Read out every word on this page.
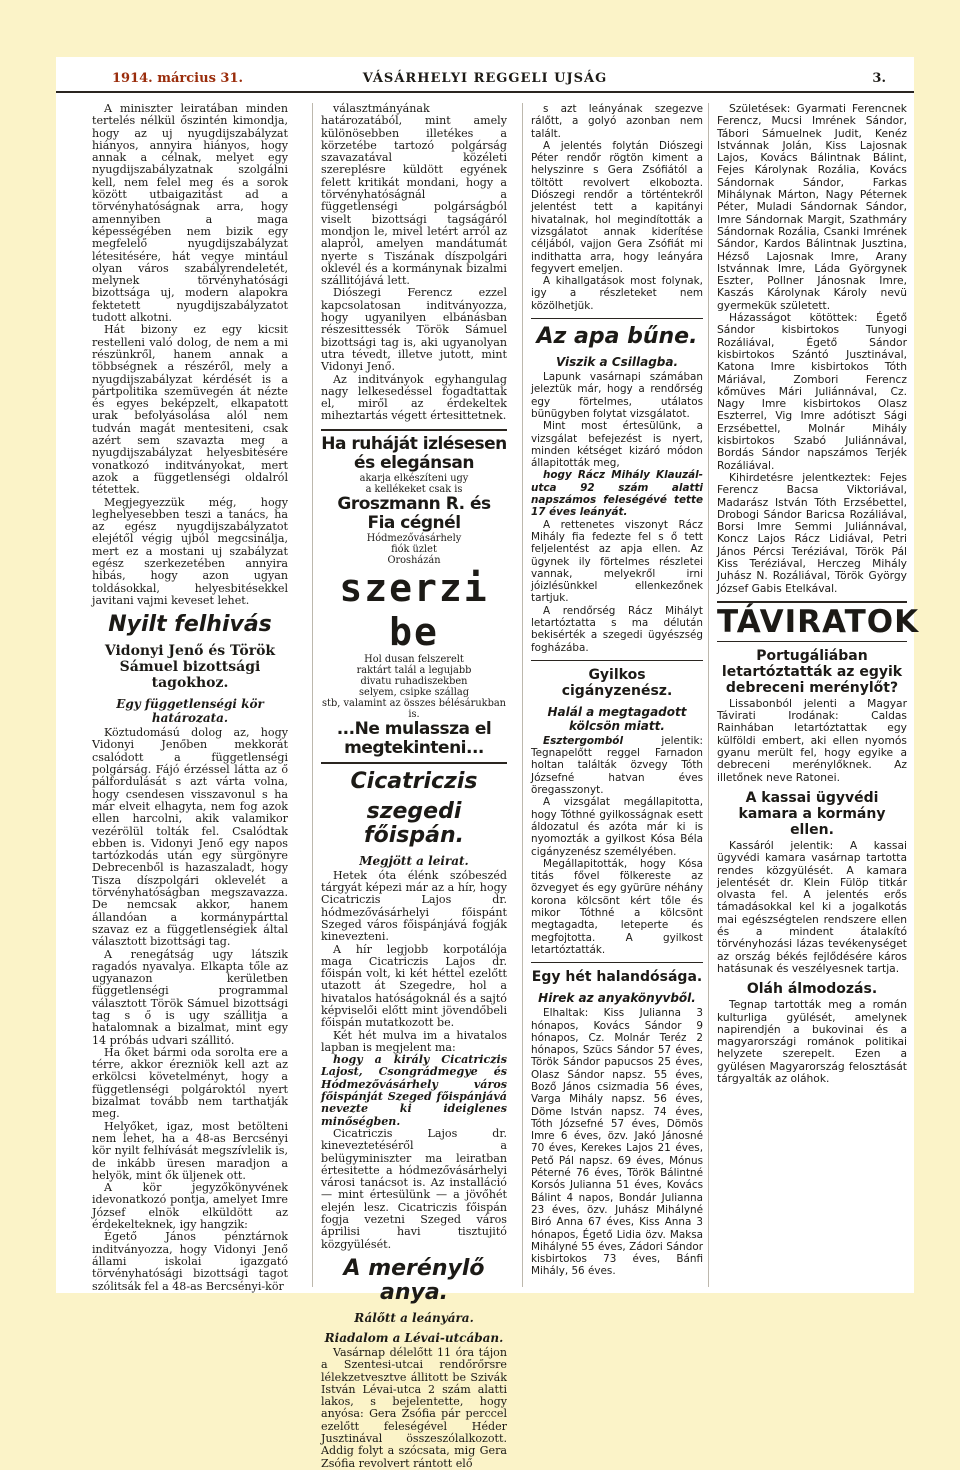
1914. március 31.	VÁSÁRHELYI REGGELI UJSÁG	3.

A miniszter leiratában minden tertelés nélkül őszintén kimondja, hogy az uj nyugdijszabályzat hiányos, annyira hiányos, hogy annak a célnak, melyet egy nyugdijszabályzatnak szolgálni kell, nem felel meg és a sorok között utbaigazitást ad a törvényhatóságnak arra, hogy amennyiben a maga képességében nem bizik egy megfelelő nyugdijszabályzat létesitésére, hát vegye mintául olyan város szabályrendeletét, melynek törvényhatósági bizottsága uj, modern alapokra fektetett nyugdijszabályzatot tudott alkotni.

Hát bizony ez egy kicsit restelleni való dolog, de nem a mi részünkről, hanem annak a többségnek a részéről, mely a nyugdijszabályzat kérdését is a pártpolitika szemüvegén át nézte és egyes beképzelt, elkapatott urak befolyásolása alól nem tudván magát mentesiteni, csak azért sem szavazta meg a nyugdijszabályzat helyesbitésére vonatkozó inditványokat, mert azok a függetlenségi oldalról tétettek.

Megjegyezzük még, hogy leghelyesebben teszi a tanács, ha az egész nyugdijszabályzatot elejétől végig ujból megcsinálja, mert ez a mostani uj szabályzat egész szerkezetében annyira hibás, hogy azon ugyan toldásokkal, helyesbitésekkel javitani vajmi keveset lehet.

Nyilt felhivás
Vidonyi Jenő és Török Sámuel bizottsági tagokhoz.
Egy függetlenségi kör határozata.

Köztudomású dolog az, hogy Vidonyi Jenőben mekkorát csalódott a függetlenségi polgárság. Fájó érzéssel látta az ő pálfordulását s azt várta volna, hogy csendesen visszavonul s ha már elveit elhagyta, nem fog azok ellen harcolni, akik valamikor vezérölül tolták fel. Csalódtak ebben is. Vidonyi Jenő egy napos tartózkodás után egy sürgönyre Debrecenből is hazaszaladt, hogy Tisza díszpolgári oklevelét a törvényhatóságban megszavazza. De nemcsak akkor, hanem állandóan a kormánypárttal szavaz ez a függetlenségiek által választott bizottsági tag.

A renegátság ugy látszik ragadós nyavalya. Elkapta tőle az ugyanazon kerületben függetlenségi programmal választott Török Sámuel bizottsági tag s ő is ugy szállitja a hatalomnak a bizalmat, mint egy 14 próbás udvari szállitó.

Ha őket bármi oda sorolta ere a térre, akkor érezniök kell azt az erkölcsi követelményt, hogy a függetlenségi polgároktól nyert bizalmat tovább nem tarthatják meg.

Helyőket, igaz, most betölteni nem lehet, ha a 48-as Bercsényi kör nyilt felhívását megszívlelik is, de inkább üresen maradjon a helyök, mint ők üljenek ott.

A kör jegyzőkönyvének idevonatkozó pontja, amelyet Imre József elnök elküldött az érdekelteknek, igy hangzik:

Égető János pénztárnok inditványozza, hogy Vidonyi Jenő állami iskolai igazgató törvényhatósági bizottsági tagot szólitsák fel a 48-as Bercsényi-kör

választmányának határozatából, mint amely különösebben illetékes a körzetébe tartozó polgárság szavazatával közéleti szereplésre küldött egyének felett kritikát mondani, hogy a törvényhatóságnál a függetlenségi polgárságból viselt bizottsági tagságáról mondjon le, mivel letért arról az alapról, amelyen mandátumát nyerte s Tiszának díszpolgári oklevél és a kormánynak bizalmi szállitójává lett.

Diószegi Ferencz ezzel kapcsolatosan inditványozza, hogy ugyanilyen elbánásban részesittessék Török Sámuel bizottsági tag is, aki ugyanolyan utra tévedt, illetve jutott, mint Vidonyi Jenő.

Az inditványok egyhangulag nagy lelkesedéssel fogadtattak el, miről az érdekeltek miheztartás végett értesittetnek.

Ha ruháját izlésesen és elegánsan
akarja elkészíteni ugy
a kellékeket csak is
Groszmann R. és Fia cégnél
Hódmezővásárhely
fiók üzlet
Orosházán
szerzi be
Hol dusan felszerelt
raktárt talál a legujabb
divatu ruhadiszekben
selyem, csipke szállag
stb, valamint az összes bélésárukban is.
...Ne mulassza el megtekinteni...
Cicatriczis
szegedi főispán.
Megjött a leirat.

Hetek óta élénk szóbeszéd tárgyát képezi már az a hír, hogy Cicatriczis Lajos dr. hódmezővásárhelyi főispánt Szeged város főispánjává fogják kinevezteni.

A hír legjobb korpotálója maga Cicatriczis Lajos dr. főispán volt, ki két héttel ezelőtt utazott át Szegedre, hol a hivatalos hatóságoknál és a sajtó képviselői előtt mint jövendőbeli főispán mutatkozott be.

Két hét mulva im a hivatalos lapban is megjelent ma:

hogy a király Cicatriczis Lajost, Csongrádmegye és Hódmezővásárhely város főispánját Szeged főispánjává nevezte ki ideiglenes minőségben.

Cicatriczis Lajos dr. kineveztetéséről a belügyminiszter ma leiratban értesitette a hódmezővásárhelyi városi tanácsot is. Az installáció — mint értesülünk — a jövőhét elején lesz. Cicatriczis főispán fogja vezetni Szeged város áprilisi havi tisztujitó közgyülését.

A merénylő anya.
Rálőtt a leányára.
Riadalom a Lévai-utcában.

Vasárnap délelőtt 11 óra tájon a Szentesi-utcai rendőrőrsre lélekzetvesztve állitott be Szivák István Lévai-utca 2 szám alatti lakos, s bejelentette, hogy anyósa: Gera Zsófia pár perccel ezelőtt feleségével Héder Jusztinával összeszólalkozott. Addig folyt a szócsata, mig Gera Zsófia revolvert rántott elő

s azt leányának szegezve rálőtt, a golyó azonban nem talált.

A jelentés folytán Diószegi Péter rendőr rögtön kiment a helyszinre s Gera Zsófiától a töltött revolvert elkobozta. Diószegi rendőr a történtekről jelentést tett a kapitányi hivatalnak, hol megindították a vizsgálatot annak kiderítése céljából, vajjon Gera Zsófiát mi indithatta arra, hogy leányára fegyvert emeljen.

A kihallgatások most folynak, igy a részleteket nem közölhetjük.

Az apa bűne.
Viszik a Csillagba.

Lapunk vasárnapi számában jeleztük már, hogy a rendőrség egy förtelmes, utálatos bünügyben folytat vizsgálatot.

Mint most értesülünk, a vizsgálat befejezést is nyert, minden kétséget kizáró módon állapitották meg,

hogy Rácz Mihály Klauzál-utca 92 szám alatti napszámos feleségévé tette 17 éves leányát.

A rettenetes viszonyt Rácz Mihály fia fedezte fel s ő tett feljelentést az apja ellen. Az ügynek ily förtelmes részletei vannak, melyekről irni jóizlésünkkel ellenkezőnek tartjuk.

A rendőrség Rácz Mihályt letartóztatta s ma délután bekisérték a szegedi ügyészség fogházába.

Gyilkos cigányzenész.
Halál a megtagadott kölcsön miatt.

Esztergomból jelentik: Tegnapelőtt reggel Farnadon holtan találták özvegy Tóth Józsefné hatvan éves öregasszonyt.

A vizsgálat megállapitotta, hogy Tóthné gyilkosságnak esett áldozatul és azóta már ki is nyomozták a gyilkost Kósa Béla cigányzenész személyében.

Megállapitották, hogy Kósa titás fővel fölkereste az özvegyet és egy gyürüre néhány korona kölcsönt kért tőle és mikor Tóthné a kölcsönt megtagadta, leteperte és megfojtotta. A gyilkost letartóztatták.

Egy hét halandósága.
Hirek az anyakönyvből.

Elhaltak: Kiss Julianna 3 hónapos, Kovács Sándor 9 hónapos, Cz. Molnár Teréz 2 hónapos, Szücs Sándor 57 éves, Török Sándor papucsos 25 éves, Olasz Sándor napsz. 55 éves, Boző János csizmadia 56 éves, Varga Mihály napsz. 56 éves, Döme István napsz. 74 éves, Tóth Józsefné 57 éves, Dömös Imre 6 éves, özv. Jakó Jánosné 70 éves, Kerekes Lajos 21 éves, Pető Pál napsz. 69 éves, Mónus Péterné 76 éves, Török Bálintné Korsós Julianna 51 éves, Kovács Bálint 4 napos, Bondár Julianna 23 éves, özv. Juhász Mihályné Biró Anna 67 éves, Kiss Anna 3 hónapos, Égető Lidia özv. Maksa Mihályné 55 éves, Zádori Sándor kisbirtokos 73 éves, Bánfi Mihály, 56 éves.

Születések: Gyarmati Ferencnek Ferencz, Mucsi Imrének Sándor, Tábori Sámuelnek Judit, Kenéz Istvánnak Jolán, Kiss Lajosnak Lajos, Kovács Bálintnak Bálint, Fejes Károlynak Rozália, Kovács Sándornak Sándor, Farkas Mihálynak Márton, Nagy Péternek Péter, Muladi Sándornak Sándor, Imre Sándornak Margit, Szathmáry Sándornak Rozália, Csanki Imrének Sándor, Kardos Bálintnak Jusztina, Hézső Lajosnak Imre, Arany Istvánnak Imre, Láda Györgynek Eszter, Pollner Jánosnak Imre, Kaszás Károlynak Károly nevü gyermekük született.

Házasságot kötöttek: Égető Sándor kisbirtokos Tunyogi Rozáliával, Égető Sándor kisbirtokos Szántó Jusztinával, Katona Imre kisbirtokos Tóth Máriával, Zombori Ferencz kőmüves Mári Juliánnával, Cz. Nagy Imre kisbirtokos Olasz Eszterrel, Vig Imre adótiszt Sági Erzsébettel, Molnár Mihály kisbirtokos Szabó Juliánnával, Bordás Sándor napszámos Terjék Rozáliával.

Kihirdetésre jelentkeztek: Fejes Ferencz Bacsa Viktoriával, Madarász István Tóth Erzsébettel, Drobogi Sándor Baricsa Rozáliával, Borsi Imre Semmi Juliánnával, Koncz Lajos Rácz Lidiával, Petri János Pércsi Teréziával, Török Pál Kiss Teréziával, Herczeg Mihály Juhász N. Rozáliával, Török György József Gabis Etelkával.

TÁVIRATOK
Portugáliában letartóztatták az egyik debreceni merénylőt?

Lissabonból jelenti a Magyar Távirati Irodának: Caldas Rainhában letartóztattak egy külföldi embert, aki ellen nyomós gyanu merült fel, hogy egyike a debreceni merénylőknek. Az illetőnek neve Ratonei.

A kassai ügyvédi kamara a kormány ellen.

Kassáról jelentik: A kassai ügyvédi kamara vasárnap tartotta rendes közgyülését. A kamara jelentését dr. Klein Fülöp titkár olvasta fel. A jelentés erős támadásokkal kel ki a jogalkotás mai egészségtelen rendszere ellen és a mindent átalakító törvényhozási lázas tevékenységet az ország békés fejlődésére káros hatásunak és veszélyesnek tartja.

Oláh álmodozás.

Tegnap tartották meg a román kulturliga gyülését, amelynek napirendjén a bukovinai és a magyarországi románok politikai helyzete szerepelt. Ezen a gyülésen Magyarország felosztását tárgyalták az oláhok.
